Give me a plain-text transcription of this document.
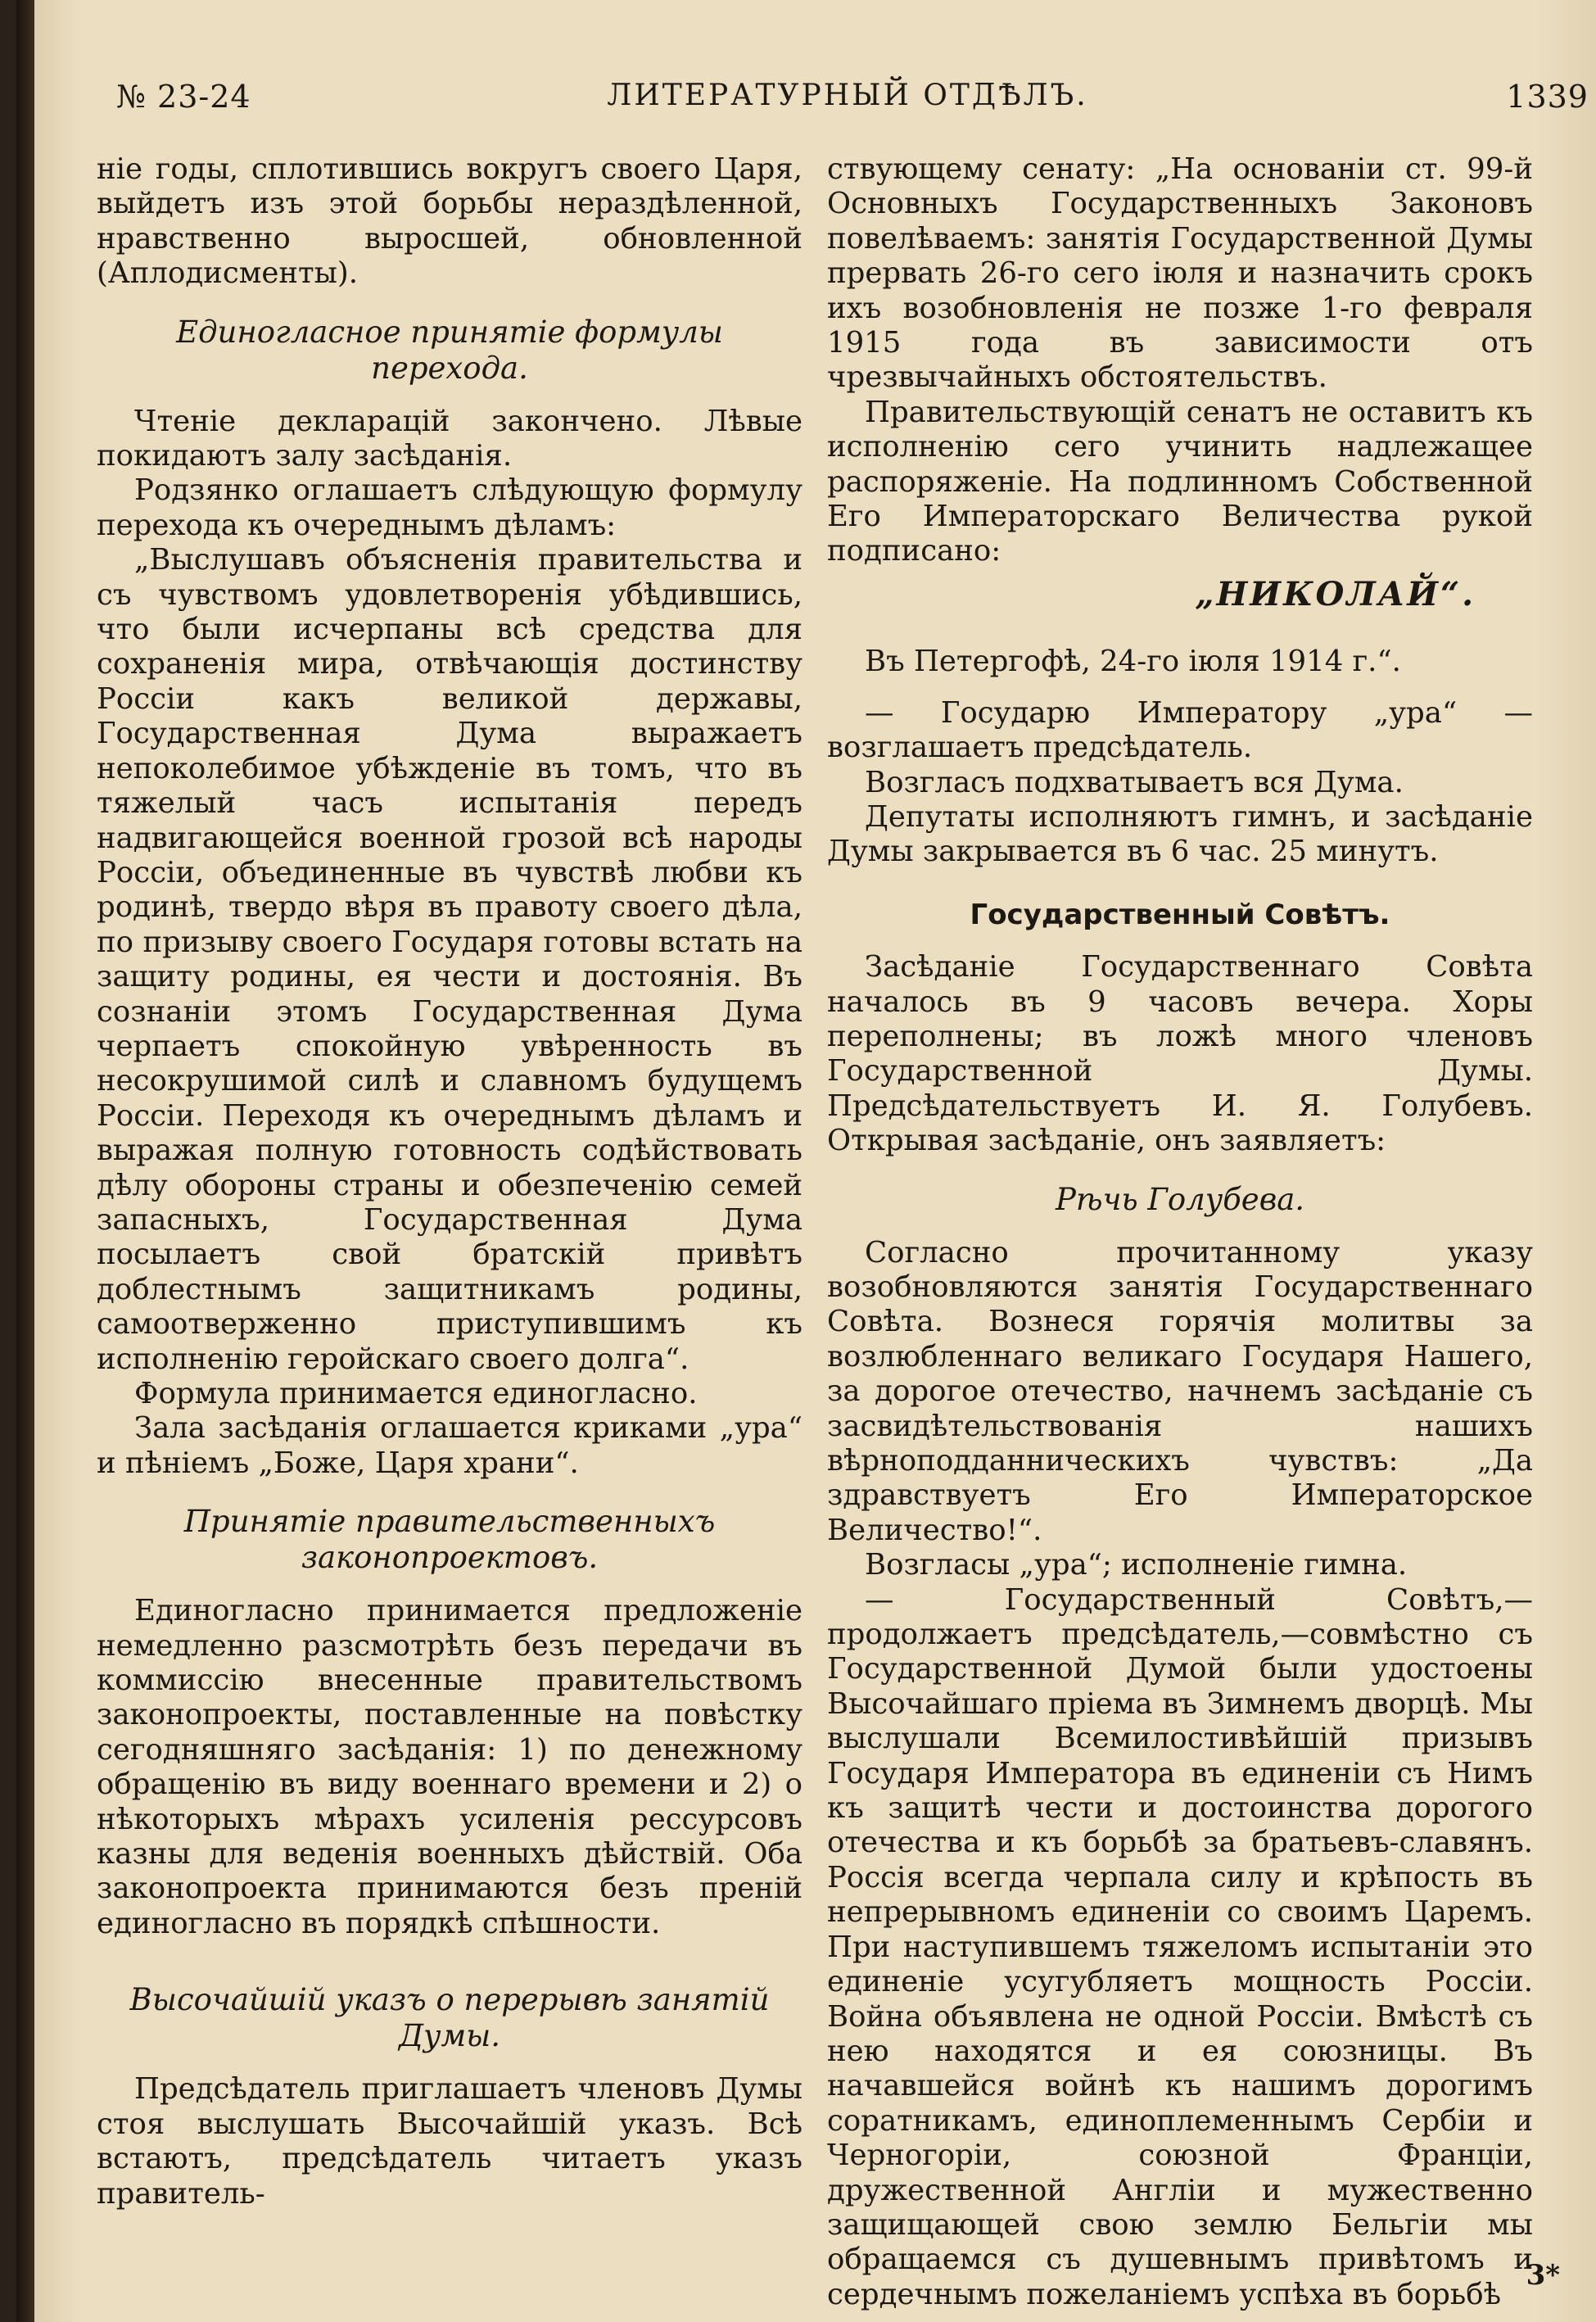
№ 23-24	ЛИТЕРАТУРНЫЙ ОТДѢЛЪ.	1339

ніе годы, сплотившись вокругъ своего Царя, выйдетъ изъ этой борьбы нераздѣленной, нравственно выросшей, обновленной (Аплодисменты).

Единогласное принятіе формулы перехода.

Чтеніе декларацій закончено. Лѣвые покидаютъ залу засѣданія.

Родзянко оглашаетъ слѣдующую формулу перехода къ очереднымъ дѣламъ:

„Выслушавъ объясненія правительства и съ чувствомъ удовлетворенія убѣдившись, что были исчерпаны всѣ средства для сохраненія мира, отвѣчающія достинству Россіи какъ великой державы, Государственная Дума выражаетъ непоколебимое убѣжденіе въ томъ, что въ тяжелый часъ испытанія передъ надвигающейся военной грозой всѣ народы Россіи, объединенные въ чувствѣ любви къ родинѣ, твердо вѣря въ правоту своего дѣла, по призыву своего Государя готовы встать на защиту родины, ея чести и достоянія. Въ сознаніи этомъ Государственная Дума черпаетъ спокойную увѣренность въ несокрушимой силѣ и славномъ будущемъ Россіи. Переходя къ очереднымъ дѣламъ и выражая полную готовность содѣйствовать дѣлу обороны страны и обезпеченію семей запасныхъ, Государственная Дума посылаетъ свой братскій привѣтъ доблестнымъ защитникамъ родины, самоотверженно приступившимъ къ исполненію геройскаго своего долга“.

Формула принимается единогласно.

Зала засѣданія оглашается криками „ура“ и пѣніемъ „Боже, Царя храни“.

Принятіе правительственныхъ законопроектовъ.

Единогласно принимается предложеніе немедленно разсмотрѣть безъ передачи въ коммиссію внесенные правительствомъ законопроекты, поставленные на повѣстку сегодняшняго засѣданія: 1) по денежному обращенію въ виду военнаго времени и 2) о нѣкоторыхъ мѣрахъ усиленія рессурсовъ казны для веденія военныхъ дѣйствій. Оба законопроекта принимаются безъ преній единогласно въ порядкѣ спѣшности.

Высочайшій указъ о перерывѣ занятій Думы.

Предсѣдатель приглашаетъ членовъ Думы стоя выслушать Высочайшій указъ. Всѣ встаютъ, предсѣдатель читаетъ указъ правитель-

ствующему сенату: „На основаніи ст. 99-й Основныхъ Государственныхъ Законовъ повелѣваемъ: занятія Государственной Думы прервать 26-го сего іюля и назначить срокъ ихъ возобновленія не позже 1-го февраля 1915 года въ зависимости отъ чрезвычайныхъ обстоятельствъ.

Правительствующій сенатъ не оставитъ къ исполненію сего учинить надлежащее распоряженіе. На подлинномъ Собственной Его Императорскаго Величества рукой подписано:

„НИКОЛАЙ“.

Въ Петергофѣ, 24-го іюля 1914 г.“.

— Государю Императору „ура“ — возглашаетъ предсѣдатель.

Возгласъ подхватываетъ вся Дума.

Депутаты исполняютъ гимнъ, и засѣданіе Думы закрывается въ 6 час. 25 минутъ.

Государственный Совѣтъ.

Засѣданіе Государственнаго Совѣта началось въ 9 часовъ вечера. Хоры переполнены; въ ложѣ много членовъ Государственной Думы. Предсѣдательствуетъ И. Я. Голубевъ. Открывая засѣданіе, онъ заявляетъ:

Рѣчь Голубева.

Согласно прочитанному указу возобновляются занятія Государственнаго Совѣта. Вознеся горячія молитвы за возлюбленнаго великаго Государя Нашего, за дорогое отечество, начнемъ засѣданіе съ засвидѣтельствованія нашихъ вѣрноподданническихъ чувствъ: „Да здравствуетъ Его Императорское Величество!“.

Возгласы „ура“; исполненіе гимна.

— Государственный Совѣтъ,—продолжаетъ предсѣдатель,—совмѣстно съ Государственной Думой были удостоены Высочайшаго пріема въ Зимнемъ дворцѣ. Мы выслушали Всемилостивѣйшій призывъ Государя Императора въ единеніи съ Нимъ къ защитѣ чести и достоинства дорогого отечества и къ борьбѣ за братьевъ-славянъ. Россія всегда черпала силу и крѣпость въ непрерывномъ единеніи со своимъ Царемъ. При наступившемъ тяжеломъ испытаніи это единеніе усугубляетъ мощность Россіи. Война объявлена не одной Россіи. Вмѣстѣ съ нею находятся и ея союзницы. Въ начавшейся войнѣ къ нашимъ дорогимъ соратникамъ, единоплеменнымъ Сербіи и Черногоріи, союзной Франціи, дружественной Англіи и мужественно защищающей свою землю Бельгіи мы обращаемся съ душевнымъ привѣтомъ и сердечнымъ пожеланіемъ успѣха въ борьбѣ

3*
